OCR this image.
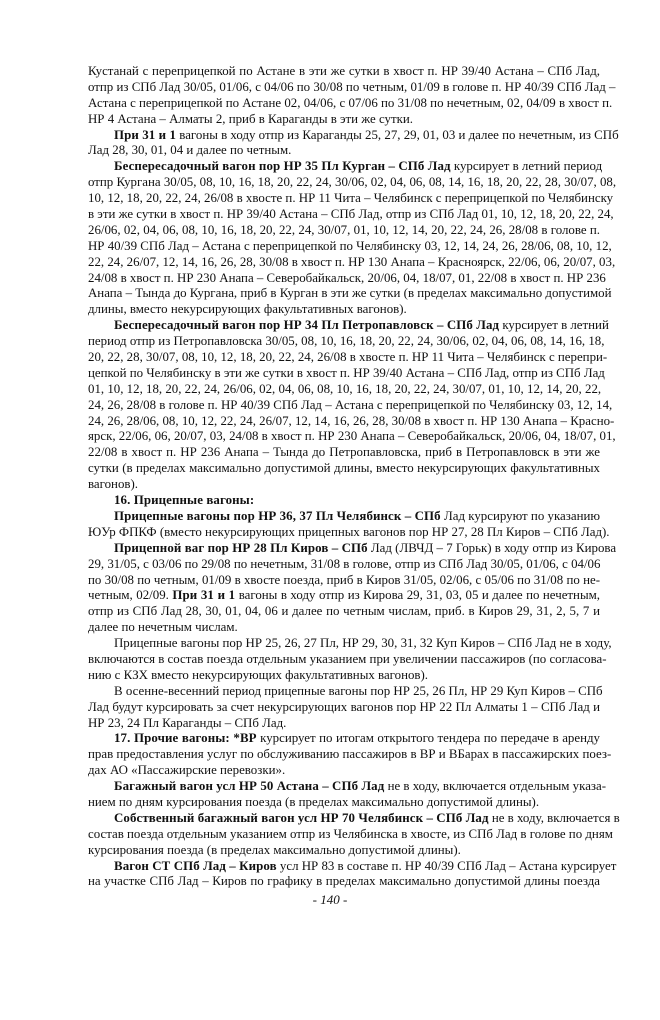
Кустанай с переприцепкой по Астане в эти же сутки в хвост п. НР 39/40 Астана – СПб Лад,
отпр из СПб Лад 30/05, 01/06, с 04/06 по 30/08 по четным, 01/09 в голове п. НР 40/39 СПб Лад –
Астана с переприцепкой по Астане 02, 04/06, с 07/06 по 31/08 по нечетным, 02, 04/09 в хвост п.
НР 4 Астана – Алматы 2, приб в Караганды в эти же сутки.
При 31 и 1 вагоны в ходу отпр из Караганды 25, 27, 29, 01, 03 и далее по нечетным, из СПб
Лад 28, 30, 01, 04 и далее по четным.
Беспересадочный вагон пор НР 35 Пл Курган – СПб Лад курсирует в летний период
отпр Кургана 30/05, 08, 10, 16, 18, 20, 22, 24, 30/06, 02, 04, 06, 08, 14, 16, 18, 20, 22, 28, 30/07, 08,
10, 12, 18, 20, 22, 24, 26/08 в хвосте п. НР 11 Чита – Челябинск с переприцепкой по Челябинску
в эти же сутки в хвост п. НР 39/40 Астана – СПб Лад, отпр из СПб Лад 01, 10, 12, 18, 20, 22, 24,
26/06, 02, 04, 06, 08, 10, 16, 18, 20, 22, 24, 30/07, 01, 10, 12, 14, 20, 22, 24, 26, 28/08 в голове п.
НР 40/39 СПб Лад – Астана с переприцепкой по Челябинску 03, 12, 14, 24, 26, 28/06, 08, 10, 12,
22, 24, 26/07, 12, 14, 16, 26, 28, 30/08 в хвост п. НР 130 Анапа – Красноярск, 22/06, 06, 20/07, 03,
24/08 в хвост п. НР 230 Анапа – Северобайкальск, 20/06, 04, 18/07, 01, 22/08 в хвост п. НР 236
Анапа – Тында до Кургана, приб в Курган в эти же сутки (в пределах максимально допустимой
длины, вместо некурсирующих факультативных вагонов).
Беспересадочный вагон пор НР 34 Пл Петропавловск – СПб Лад курсирует в летний
период отпр из Петропавловска 30/05, 08, 10, 16, 18, 20, 22, 24, 30/06, 02, 04, 06, 08, 14, 16, 18,
20, 22, 28, 30/07, 08, 10, 12, 18, 20, 22, 24, 26/08 в хвосте п. НР 11 Чита – Челябинск с перепри-
цепкой по Челябинску в эти же сутки в хвост п. НР 39/40 Астана – СПб Лад, отпр из СПб Лад
01, 10, 12, 18, 20, 22, 24, 26/06, 02, 04, 06, 08, 10, 16, 18, 20, 22, 24, 30/07, 01, 10, 12, 14, 20, 22,
24, 26, 28/08 в голове п. НР 40/39 СПб Лад – Астана с переприцепкой по Челябинску 03, 12, 14,
24, 26, 28/06, 08, 10, 12, 22, 24, 26/07, 12, 14, 16, 26, 28, 30/08 в хвост п. НР 130 Анапа – Красно-
ярск, 22/06, 06, 20/07, 03, 24/08 в хвост п. НР 230 Анапа – Северобайкальск, 20/06, 04, 18/07, 01,
22/08 в хвост п. НР 236 Анапа – Тында до Петропавловска, приб в Петропавловск в эти же
сутки (в пределах максимально допустимой длины, вместо некурсирующих факультативных
вагонов).
16. Прицепные вагоны:
Прицепные вагоны пор НР 36, 37 Пл Челябинск – СПб Лад курсируют по указанию
ЮУр ФПКФ (вместо некурсирующих прицепных вагонов пор НР 27, 28 Пл Киров – СПб Лад).
Прицепной ваг пор НР 28 Пл Киров – СПб Лад (ЛВЧД – 7 Горьк) в ходу отпр из Кирова
29, 31/05, с 03/06 по 29/08 по нечетным, 31/08 в голове, отпр из СПб Лад 30/05, 01/06, с 04/06
по 30/08 по четным, 01/09 в хвосте поезда, приб в Киров 31/05, 02/06, с 05/06 по 31/08 по не-
четным, 02/09. При 31 и 1 вагоны в ходу отпр из Кирова 29, 31, 03, 05 и далее по нечетным,
отпр из СПб Лад 28, 30, 01, 04, 06 и далее по четным числам, приб. в Киров 29, 31, 2, 5, 7 и
далее по нечетным числам.
Прицепные вагоны пор НР 25, 26, 27 Пл, НР 29, 30, 31, 32 Куп Киров – СПб Лад не в ходу,
включаются в состав поезда отдельным указанием при увеличении пассажиров (по согласова-
нию с КЗХ вместо некурсирующих факультативных вагонов).
В осенне-весенний период прицепные вагоны пор НР 25, 26 Пл, НР 29 Куп Киров – СПб
Лад будут курсировать за счет некурсирующих вагонов пор НР 22 Пл Алматы 1 – СПб Лад и
НР 23, 24 Пл Караганды – СПб Лад.
17. Прочие вагоны: *ВР курсирует по итогам открытого тендера по передаче в аренду
прав предоставления услуг по обслуживанию пассажиров в ВР и ВБарах в пассажирских поез-
дах АО «Пассажирские перевозки».
Багажный вагон усл НР 50 Астана – СПб Лад не в ходу, включается отдельным указа-
нием по дням курсирования поезда (в пределах максимально допустимой длины).
Собственный багажный вагон усл НР 70 Челябинск – СПб Лад не в ходу, включается в
состав поезда отдельным указанием отпр из Челябинска в хвосте, из СПб Лад в голове по дням
курсирования поезда (в пределах максимально допустимой длины).
Вагон СТ СПб Лад – Киров усл НР 83 в составе п. НР 40/39 СПб Лад – Астана курсирует
на участке СПб Лад – Киров по графику в пределах максимально допустимой длины поезда
- 140 -
